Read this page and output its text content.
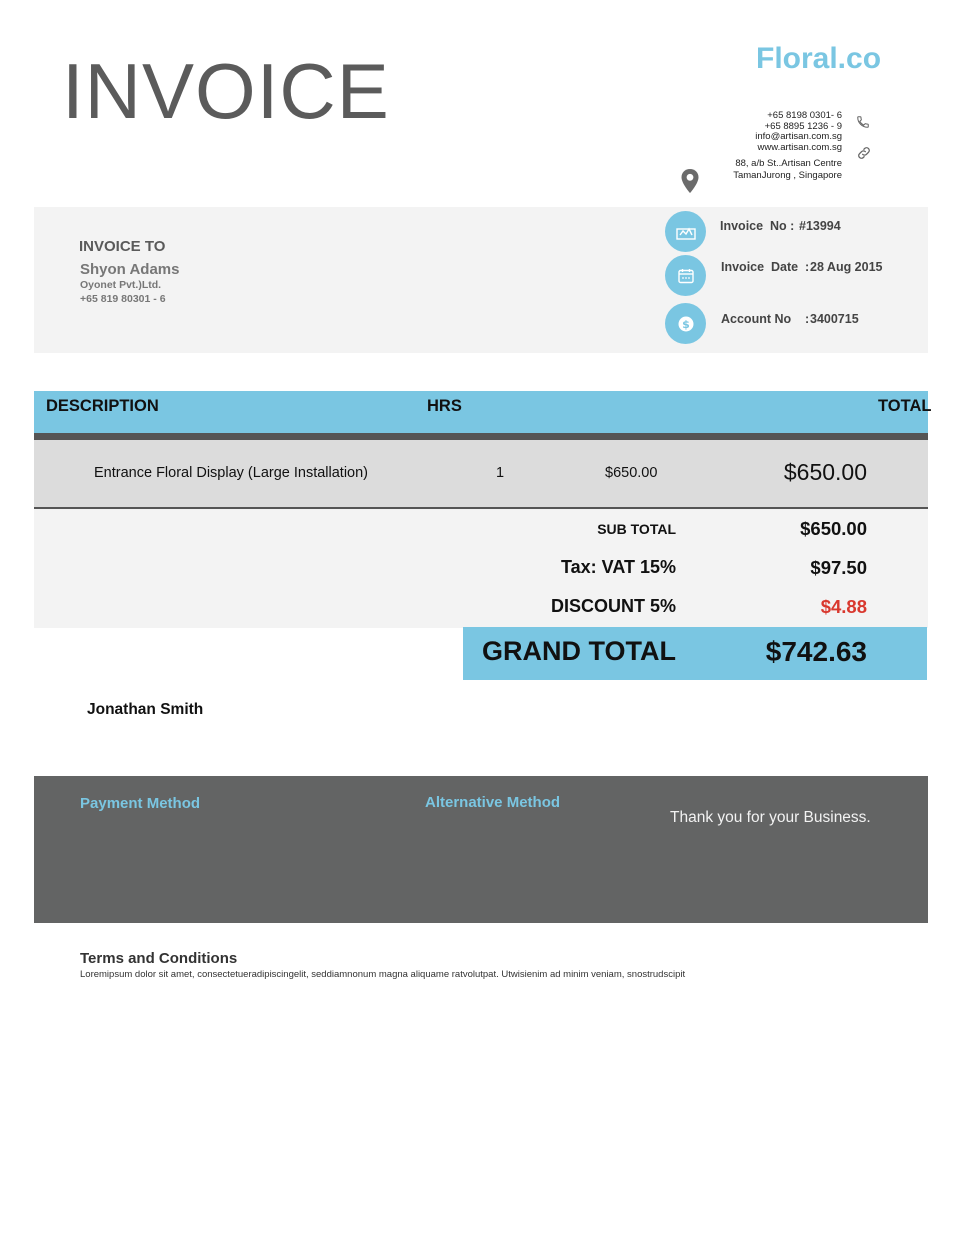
INVOICE	Floral.co
+65 8198 0301- 6
+65 8895 1236 - 9
info@artisan.com.sg
www.artisan.com.sg
88, a/b St..Artisan Centre
TamanJurong , Singapore
INVOICE TO
Shyon Adams
Oyonet Pvt.)Ltd.
+65 819 80301 - 6
$
Invoice  No : #13994
Invoice  Date  : 28 Aug 2015
Account No    : 3400715
DESCRIPTION	HRS	TOTAL
Entrance Floral Display (Large Installation)	1	$650.00	$650.00
SUB TOTAL	$650.00
Tax: VAT 15%	$97.50
DISCOUNT 5%	$4.88
GRAND TOTAL	$742.63
Jonathan Smith
Payment Method	Alternative Method
Thank you for your Business.
Terms and Conditions
Loremipsum dolor sit amet, consectetueradipiscingelit, seddiamnonum magna aliquame ratvolutpat. Utwisienim ad minim veniam, snostrudscipit
